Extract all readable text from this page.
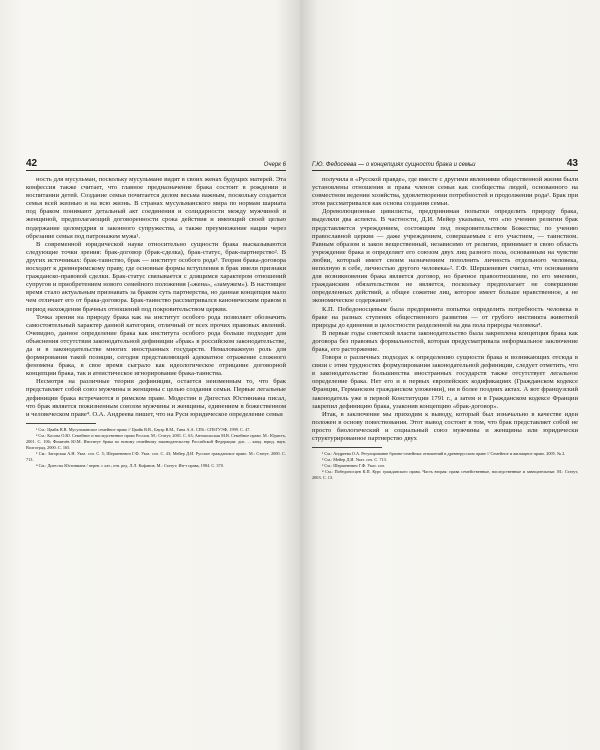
42	Очерк 6

ность для мусульман, поскольку мусульмане видят в своих женах будущих матерей. Эта конфессия также считает, что главное предназначение брака состоит в рождении и воспитании детей. Создание семьи почитается делом весьма важным, поскольку создается семья всей жизнью и на всю жизнь. В странах мусульманского мира по нормам шариата под браком понимают детальный акт соединения и солидарности между мужчиной и женщиной, предполагающий договоренности срока действия и имеющий своей целью подержание целомудрия и законного супружества, а также преумножение нации через обрезание семьи под патронажем мужа¹.

В современной юридической науке относительно сущности брака высказываются следующие точки зрения: брак-договор (брак-сделка), брак-статус, брак-партнерство². В других источниках: брак-таинство, брак — институт особого рода³. Теория брака-договора восходит к древнеримскому праву, где основные формы вступления в брак имели признаки гражданско-правовой сделки. Брак-статус связывается с длящимся характером отношений супругов и приобретением нового семейного положения («жена», «замужем»). В настоящее время стало актуальным признавать за браком суть партнерства, но данная концепция мало чем отличает его от брака-договора. Брак-таинство рассматривался каноническим правом в период нахождения брачных отношений под покровительством церкви.

Точка зрения на природу брака как на институт особого рода позволяет обозначить самостоятельный характер данной категории, отличный от всех прочих правовых явлений. Очевидно, данное определение брака как института особого рода больше подходит для объяснения отсутствия законодательной дефиниции «брак» в российском законодательстве, да и в законодательстве многих иностранных государств. Немаловажную роль для формирования такой позиции, сегодня представляющей адекватное отражение сложного феномена брака, в свое время сыграло как идеологическое отрицание договорной концепции брака, так и атеистическое игнорирование брака-таинства.

Несмотря на различные теории дефиниции, остается неизменным то, что брак представляет собой союз мужчины и женщины с целью создания семьи. Первые легальные дефиниции брака встречаются в римском праве. Модестин в Дигестах Юстиниана писал, что брак является пожизненным союзом мужчины и женщины, единением в божественном и человеческом праве⁴. О.А. Андреева пишет, что на Руси юридическое определение семьи

¹ См.: Цвайк В.В. Мусульманское семейное право // Цвайк В.В., Бауэр В.М., Гина А.А. СПб.: СПбГУЭФ, 1999. С. 47.

² См.: Косова О.Ю. Семейное и наследственное право России. М.: Статут, 2001. С. 63; Антокольская М.В. Семейное право. М.: Юристъ, 2001. С. 106; Фомичёв Ю.М. Институт брака по новому семейному законодательству Российской Федерации: дис. ... канд. юрид. наук. Волгоград, 2000. С. 165.

³ См.: Загорская А.Н. Указ. соч. С. 5; Шершеневич Г.Ф. Указ. соч. С. 43; Мейер Д.И. Русское гражданское право. М.: Статут, 2000. С. 713.

⁴ См.: Дигесты Юстиниана / перев. с лат.; отв. ред. Л.Л. Кофанов. М.: Статут; Ин-т права, 1984. С. 370.

Г.Ю. Федосеева — о концепциях сущности брака и семьи	43

получила в «Русской правде», где вместе с другими явлениями общественной жизни были установлены отношения и права членов семьи как сообщества людей, основанного на совместном ведении хозяйства, удовлетворении потребностей и продолжении рода¹. Брак при этом рассматривался как основа создания семьи.

Дореволюционные цивилисты, предпринимая попытки определить природу брака, выделяли два аспекта. В частности, Д.И. Мейер указывал, что «по учению религии брак представляется учреждением, состоящим под покровительством Божества; по учению православной церкви — даже учреждением, совершаемым с его участием, — таинством. Равным образом и закон вещественный, независимо от религии, принимает в свою область учреждение брака и определяет его союзом двух лиц разного пола, основанным на чувстве любви, который имеет своим назначением пополнить личность отдельного человека, неполную в себе, личностью другого человека»². Г.Ф. Шершеневич считал, что основанием для возникновения брака является договор, но брачное правоотношение, по его мнению, гражданским обязательством не является, поскольку предполагает не совершение определенных действий, а общее сожитие лиц, которое имеет больше нравственное, а не экономическое содержание³.

К.П. Победоносцевым была предпринята попытка определить потребность человека в браке на разных ступенях общественного развития — от грубого инстинкта животной природы до единения и целостности разделенной на два пола природы человека⁴.

В первые годы советской власти законодательство была закреплена концепция брака как договора без правовых формальностей, которая предусматривала неформальное заключение брака, его расторжение.

Говоря о различных подходах к определению сущности брака и возникающих отсюда в связи с этим трудностях формулирования законодательной дефиниции, следует отметить, что в законодательстве большинства иностранных государств также отсутствует легальное определение брака. Нет его и в первых европейских кодификациях (Гражданском кодексе Франции, Германском гражданском уложении), ни в более поздних актах. А вот французский законодатель уже в первой Конституции 1791 г., а затем и в Гражданском кодексе Франции закрепил дефиницию брака, узаконив концепцию «брак-договор».

Итак, в заключение мы приходим к выводу, который был изначально в качестве идеи положен в основу повествования. Этот вывод состоит в том, что брак представляет собой не просто биологический и социальный союз мужчины и женщины или юридически структурированное партнерство двух

¹ См.: Андреева О.А. Регулирование брачно-семейных отношений в древнерусском праве // Семейное и жилищное право. 2005. № 2.

² См.: Мейер Д.И. Указ. соч. С. 713.

³ См.: Шершеневич Г.Ф. Указ. соч.

⁴ См.: Победоносцев К.П. Курс гражданского права. Часть вторая: права семейственные, наследственные и завещательные. М.: Статут, 2003. С. 13.
